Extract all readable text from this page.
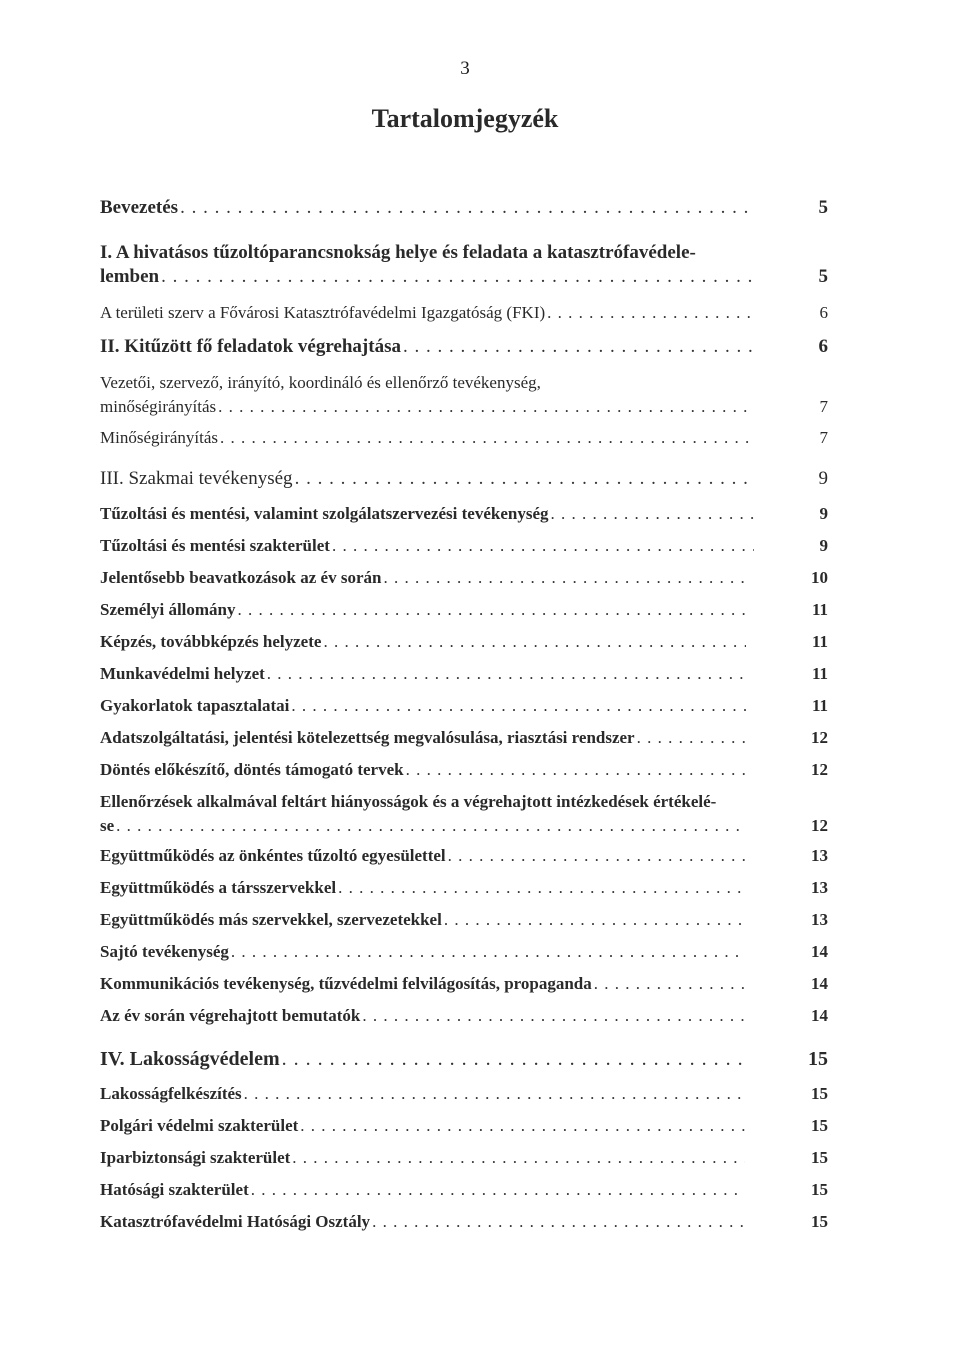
3
Tartalomjegyzék
Bevezetés . . .	5
I. A hivatásos tűzoltóparancsnokság helye és feladata a katasztrófavédele-
lemben . . .	5
A területi szerv a Fővárosi Katasztrófavédelmi Igazgatóság (FKI) . . .	6
II. Kitűzött fő feladatok végrehajtása . . .	6
Vezetői, szervező, irányító, koordináló és ellenőrző tevékenység,
minőségirányítás . . .	7
Minőségirányítás . . .	7
III. Szakmai tevékenység . . .	9
Tűzoltási és mentési, valamint szolgálatszervezési tevékenység . . .	9
Tűzoltási és mentési szakterület . . .	9
Jelentősebb beavatkozások az év során . . .	10
Személyi állomány . . .	11
Képzés, továbbképzés helyzete . . .	11
Munkavédelmi helyzet . . .	11
Gyakorlatok tapasztalatai . . .	11
Adatszolgáltatási, jelentési kötelezettség megvalósulása, riasztási rendszer . . .	12
Döntés előkészítő, döntés támogató tervek . . .	12
Ellenőrzések alkalmával feltárt hiányosságok és a végrehajtott intézkedések értékelé-
se . . .	12
Együttműködés az önkéntes tűzoltó egyesülettel . . .	13
Együttműködés a társszervekkel . . .	13
Együttműködés más szervekkel, szervezetekkel . . .	13
Sajtó tevékenység . . .	14
Kommunikációs tevékenység, tűzvédelmi felvilágosítás, propaganda . . .	14
Az év során végrehajtott bemutatók . . .	14
IV. Lakosságvédelem . . .	15
Lakosságfelkészítés . . .	15
Polgári védelmi szakterület . . .	15
Iparbiztonsági szakterület . . .	15
Hatósági szakterület . . .	15
Katasztrófavédelmi Hatósági Osztály . . .	15
